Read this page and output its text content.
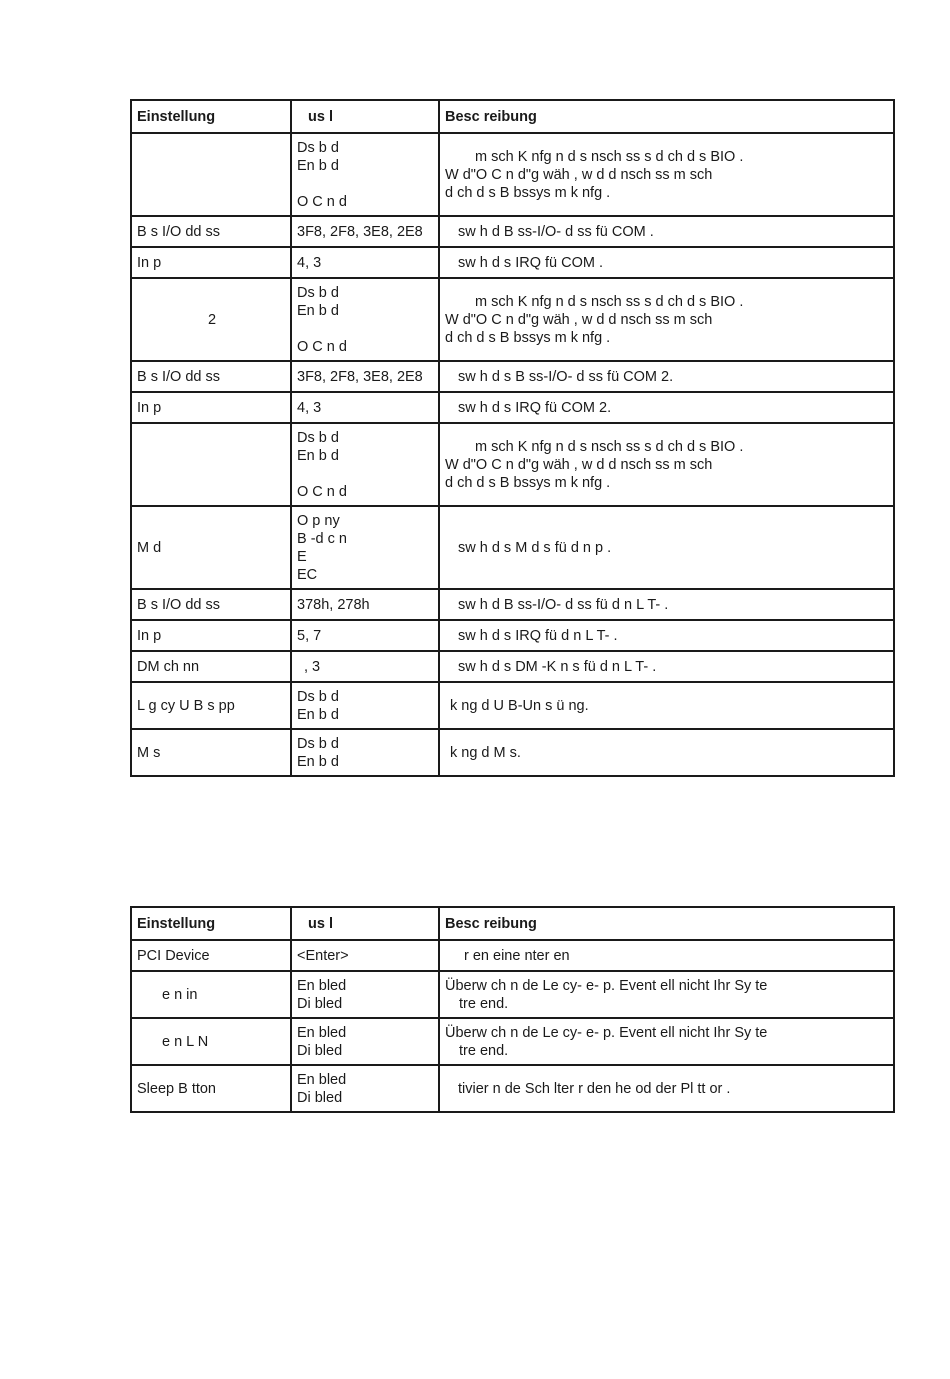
Einstellung	us l	Besc reibung

	Ds b d
En b d
O C n d	m sch K nfg n d s nsch ss s d ch d s BIO .
W d"O C n d"g wäh , w d d nsch ss m sch
d ch d s B bssys m k nfg .

B s I/O dd ss	3F8, 2F8, 3E8, 2E8	sw h d B ss-I/O- d ss fü COM .
In p	4, 3	sw h d s IRQ fü COM .
2	Ds b d
En b d
O C n d	m sch K nfg n d s nsch ss s d ch d s BIO .
W d"O C n d"g wäh , w d d nsch ss m sch
d ch d s B bssys m k nfg .

B s I/O dd ss	3F8, 2F8, 3E8, 2E8	sw h d s B ss-I/O- d ss fü COM 2.
In p	4, 3	sw h d s IRQ fü COM 2.

	Ds b d
En b d
O C n d	m sch K nfg n d s nsch ss s d ch d s BIO .
W d"O C n d"g wäh , w d d nsch ss m sch
d ch d s B bssys m k nfg .

M d	O p ny
B -d c n
E
EC	sw h d s M d s fü d n p .
B s I/O dd ss	378h, 278h	sw h d B ss-I/O- d ss fü d n L T- .
In p	5, 7	sw h d s IRQ fü d n L T- .
DM ch nn	, 3	sw h d s DM -K n s fü d n L T- .
L g cy U B s pp	Ds b d
En b d	k ng d U B-Un s ü ng.
M s	Ds b d
En b d	k ng d M s.
Einstellung	us l	Besc reibung
PCI Device	<Enter>	r en eine nter en
e n in	En bled
Di bled	Überw ch n de Le cy- e- p. Event ell nicht Ihr Sy te
tre end.

e n L N	En bled
Di bled	Überw ch n de Le cy- e- p. Event ell nicht Ihr Sy te
tre end.

Sleep B tton	En bled
Di bled	tivier n de Sch lter r den he od der Pl tt or .
